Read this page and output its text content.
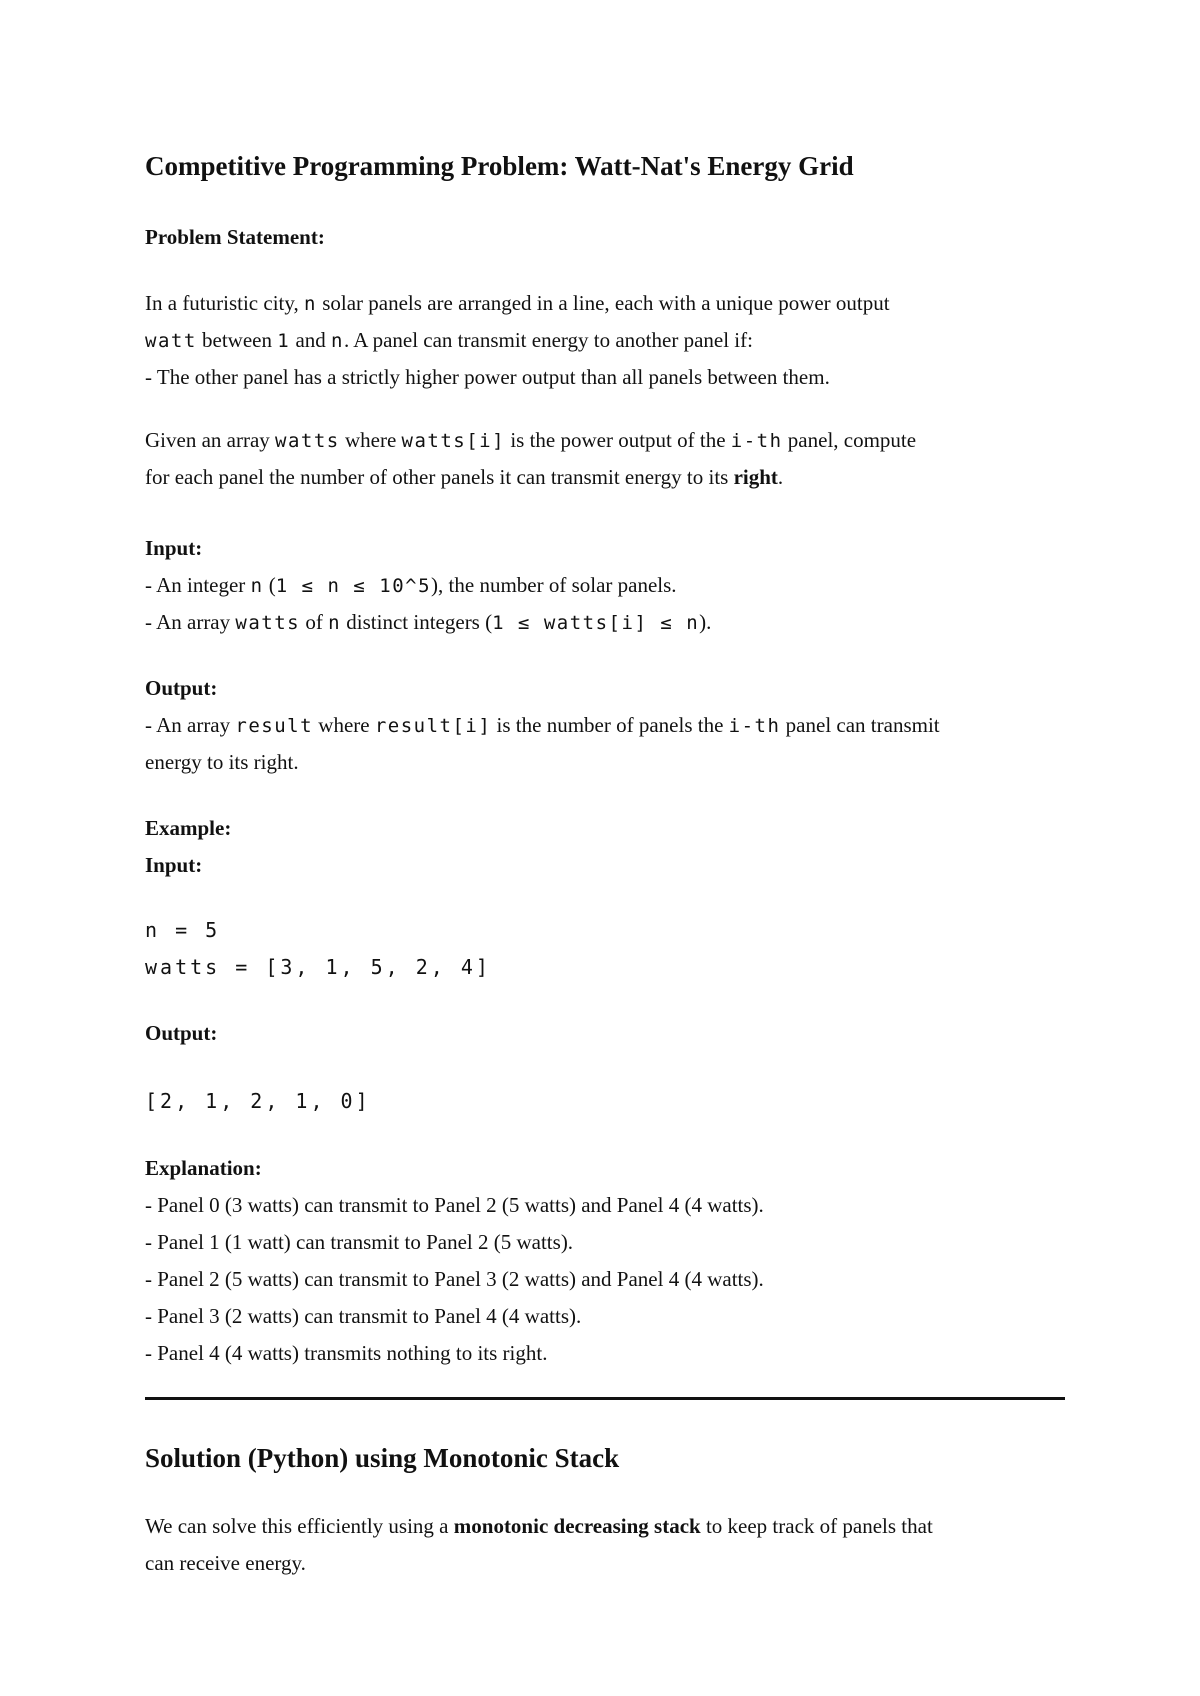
Competitive Programming Problem: Watt-Nat's Energy Grid
Problem Statement:
In a futuristic city, n solar panels are arranged in a line, each with a unique power output
watt between 1 and n. A panel can transmit energy to another panel if:
- The other panel has a strictly higher power output than all panels between them.
Given an array watts where watts[i] is the power output of the i-th panel, compute
for each panel the number of other panels it can transmit energy to its right.
Input:
- An integer n (1 ≤ n ≤ 10^5), the number of solar panels.
- An array watts of n distinct integers (1 ≤ watts[i] ≤ n).
Output:
- An array result where result[i] is the number of panels the i-th panel can transmit
energy to its right.
Example:
Input:
n = 5
watts = [3, 1, 5, 2, 4]
Output:
[2, 1, 2, 1, 0]
Explanation:
- Panel 0 (3 watts) can transmit to Panel 2 (5 watts) and Panel 4 (4 watts).
- Panel 1 (1 watt) can transmit to Panel 2 (5 watts).
- Panel 2 (5 watts) can transmit to Panel 3 (2 watts) and Panel 4 (4 watts).
- Panel 3 (2 watts) can transmit to Panel 4 (4 watts).
- Panel 4 (4 watts) transmits nothing to its right.
Solution (Python) using Monotonic Stack
We can solve this efficiently using a monotonic decreasing stack to keep track of panels that
can receive energy.
